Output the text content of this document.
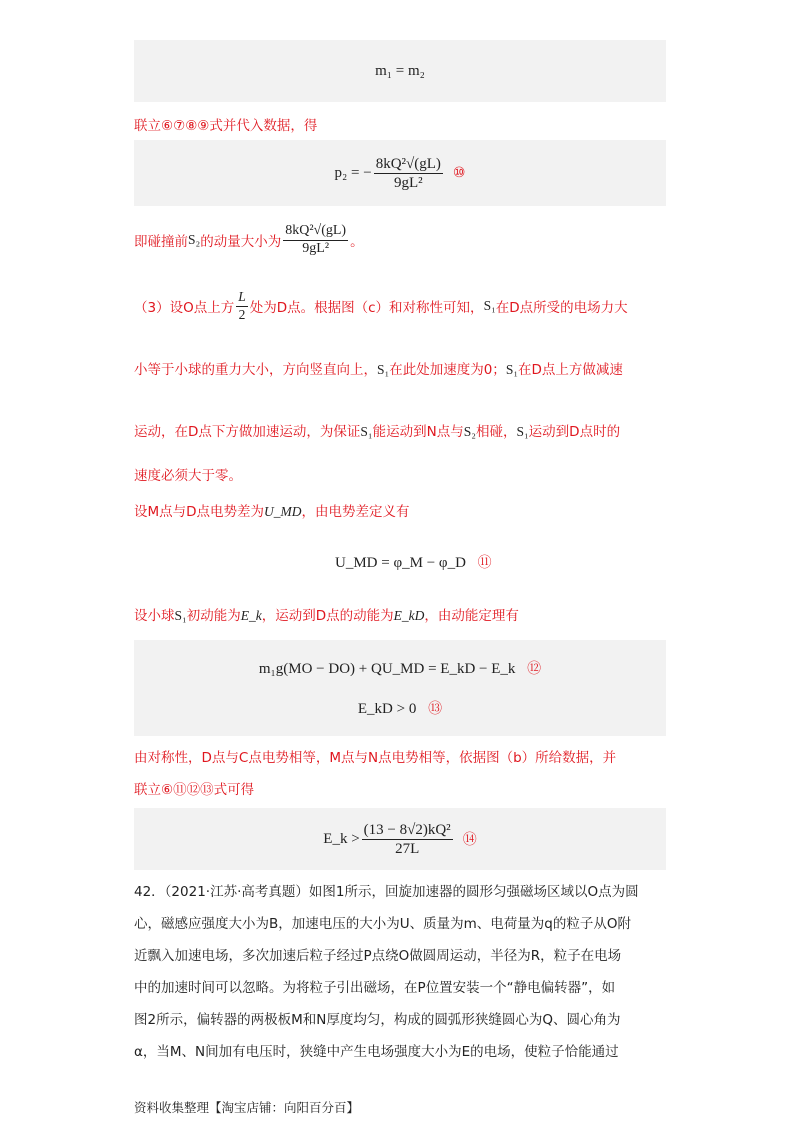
m₁ = m₂
联立⑥⑦⑧⑨式并代入数据，得
p₂ = − $\frac{\text{8kQ²√(gL)}}{\text{9gL²}}$ ⑩
即碰撞前 S₂ 的动量大小为 $\frac{\text{8kQ²√(gL)}}{\text{9gL²}}$ 。
（3）设O点上方 $\frac{L}{2}$ 处为D点。根据图（c）和对称性可知， S₁ 在D点所受的电场力大
小等于小球的重力大小，方向竖直向上，S₁在此处加速度为0；S₁在D点上方做减速
运动，在D点下方做加速运动，为保证S₁能运动到N点与S₂相碰，S₁运动到D点时的
速度必须大于零。
设M点与D点电势差为U_MD，由电势差定义有
U_MD = φ_M − φ_D ⑪
设小球S₁初动能为E_k，运动到D点的动能为E_kD，由动能定理有
m₁g(MO − DO) + QU_MD = E_kD − E_k ⑫
E_kD > 0 ⑬
由对称性，D点与C点电势相等，M点与N点电势相等，依据图（b）所给数据，并
联立⑥⑪⑫⑬式可得
E_k > $\frac{\text{(13 − 8√2)kQ²}}{27L}$ ⑭
42．（2021·江苏·高考真题）如图1所示，回旋加速器的圆形匀强磁场区域以O点为圆
心，磁感应强度大小为B，加速电压的大小为U、质量为m、电荷量为q的粒子从O附
近飘入加速电场，多次加速后粒子经过P点绕O做圆周运动，半径为R，粒子在电场
中的加速时间可以忽略。为将粒子引出磁场，在P位置安装一个“静电偏转器”，如
图2所示，偏转器的两极板M和N厚度均匀，构成的圆弧形狭缝圆心为Q、圆心角为
α，当M、N间加有电压时，狭缝中产生电场强度大小为E的电场，使粒子恰能通过
资料收集整理【淘宝店铺：向阳百分百】
